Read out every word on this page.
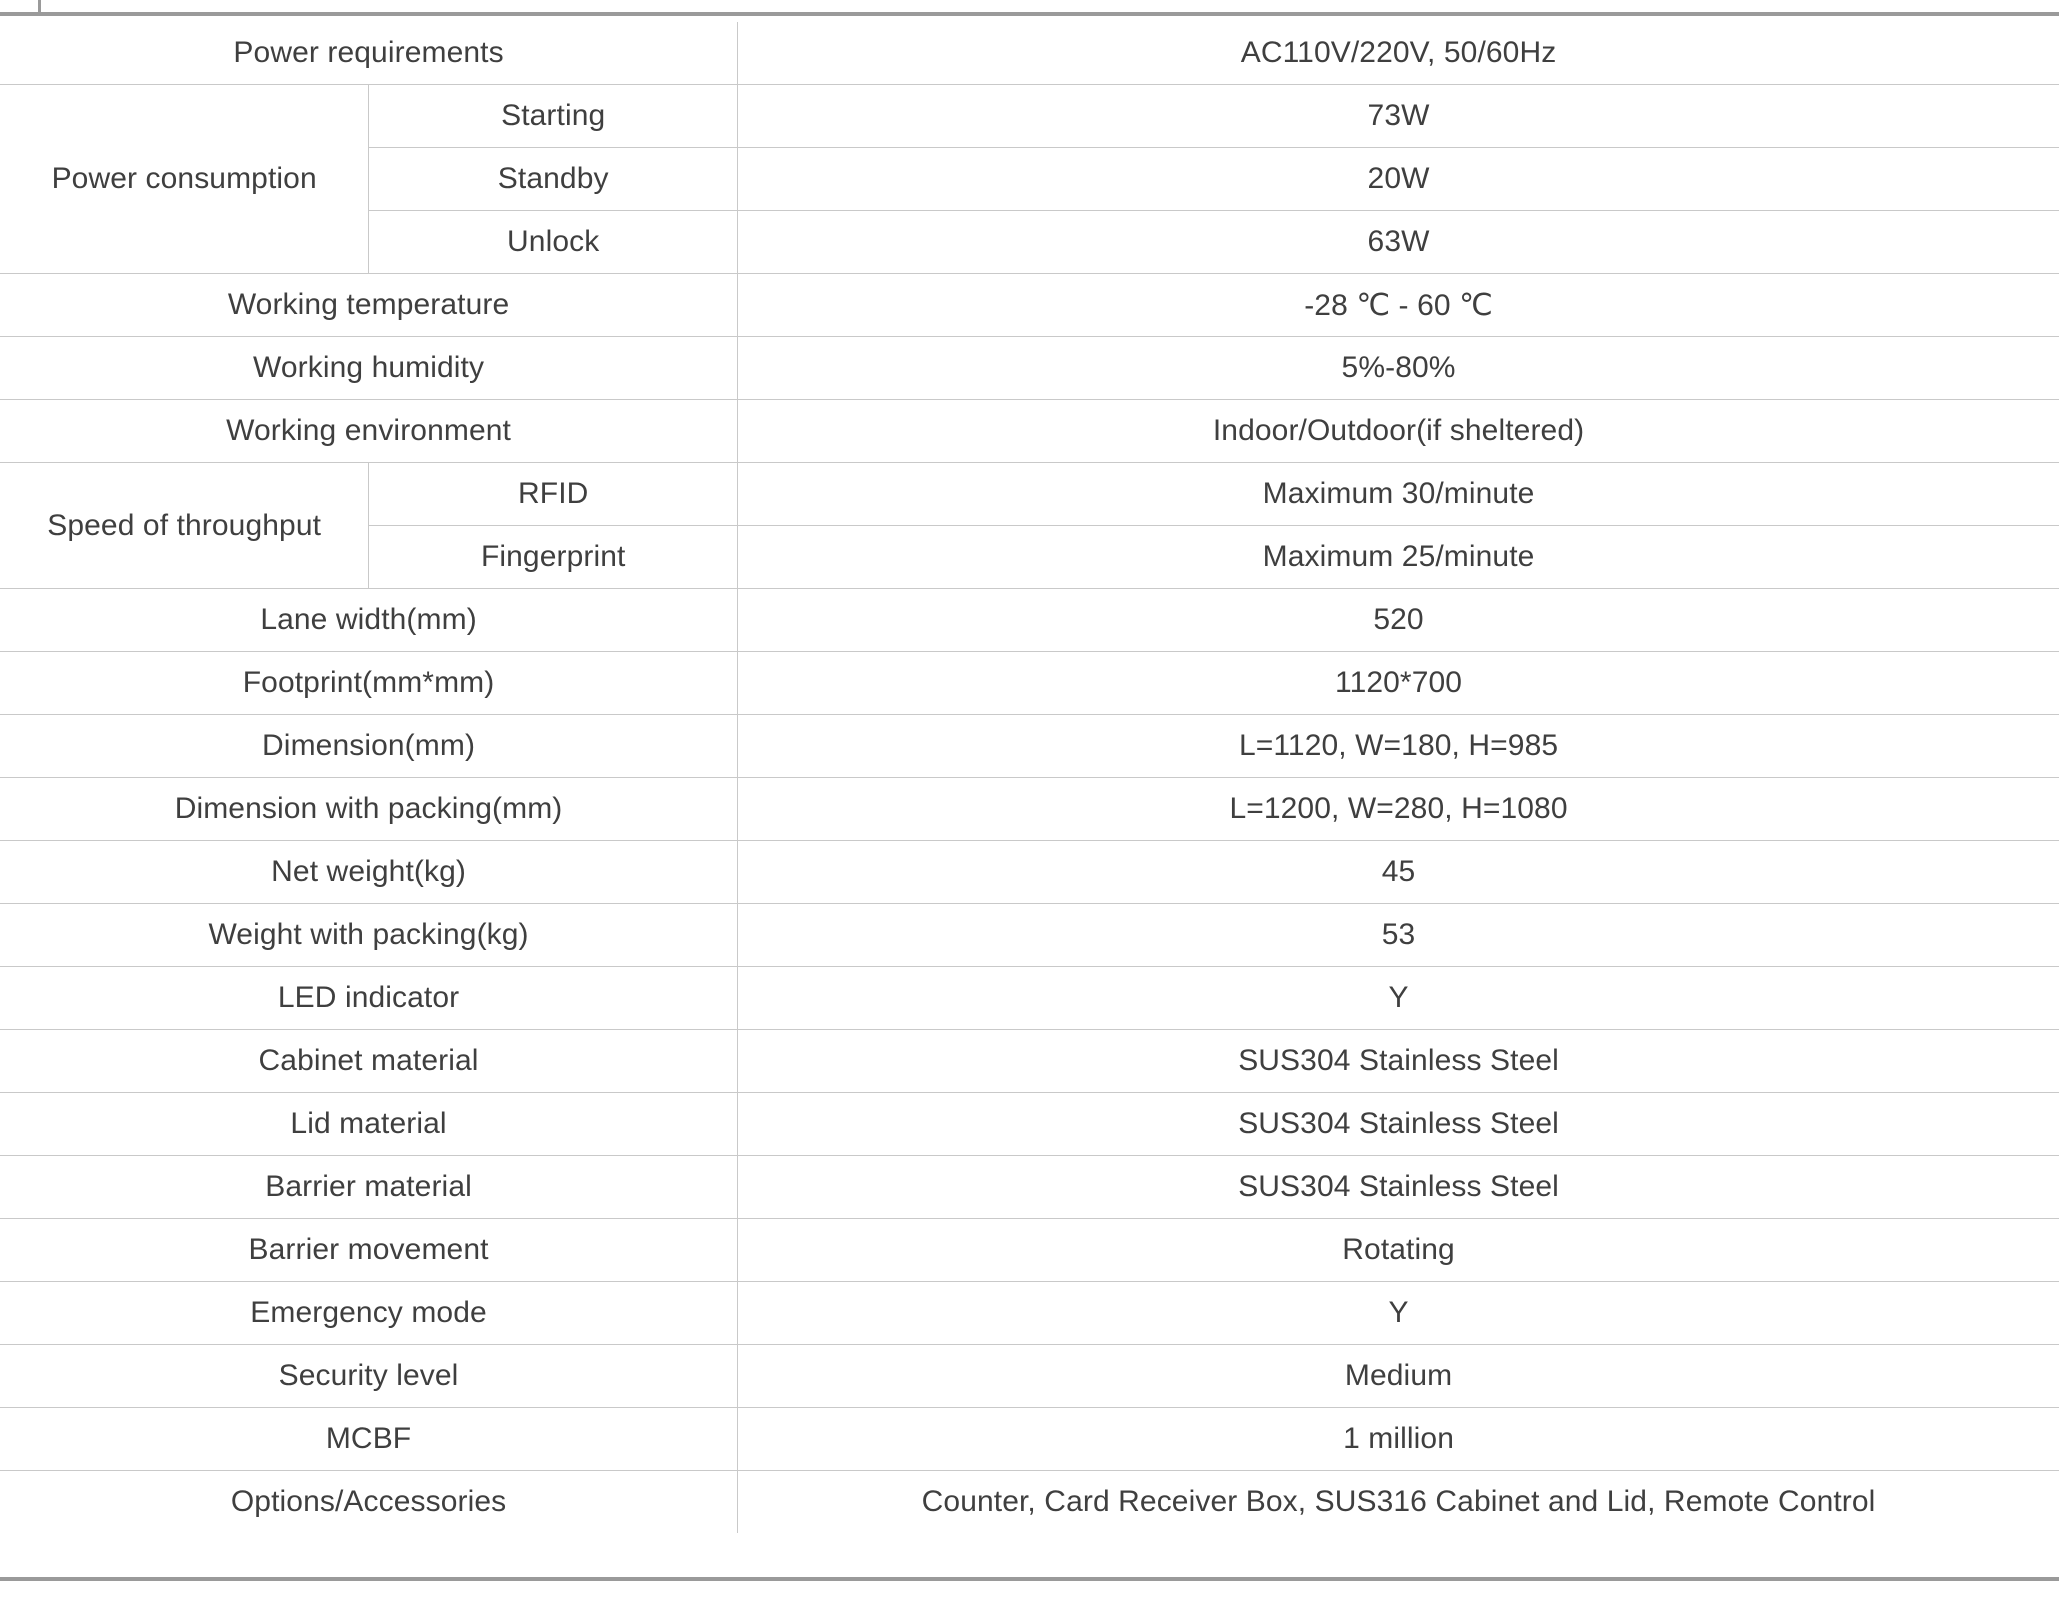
Power requirements		AC110V/220V, 50/60Hz
Power consumption	Starting	73W
	Standby	20W
	Unlock	63W
Working temperature		-28 ℃ - 60 ℃
Working humidity		5%-80%
Working environment		Indoor/Outdoor(if sheltered)
Speed of throughput	RFID	Maximum 30/minute
	Fingerprint	Maximum 25/minute
Lane width(mm)		520
Footprint(mm*mm)		1120*700
Dimension(mm)		L=1120, W=180, H=985
Dimension with packing(mm)		L=1200, W=280, H=1080
Net weight(kg)		45
Weight with packing(kg)		53
LED indicator		Y
Cabinet material		SUS304 Stainless Steel
Lid material		SUS304 Stainless Steel
Barrier material		SUS304 Stainless Steel
Barrier movement		Rotating
Emergency mode		Y
Security level		Medium
MCBF		1 million
Options/Accessories		Counter, Card Receiver Box, SUS316 Cabinet and Lid, Remote Control
